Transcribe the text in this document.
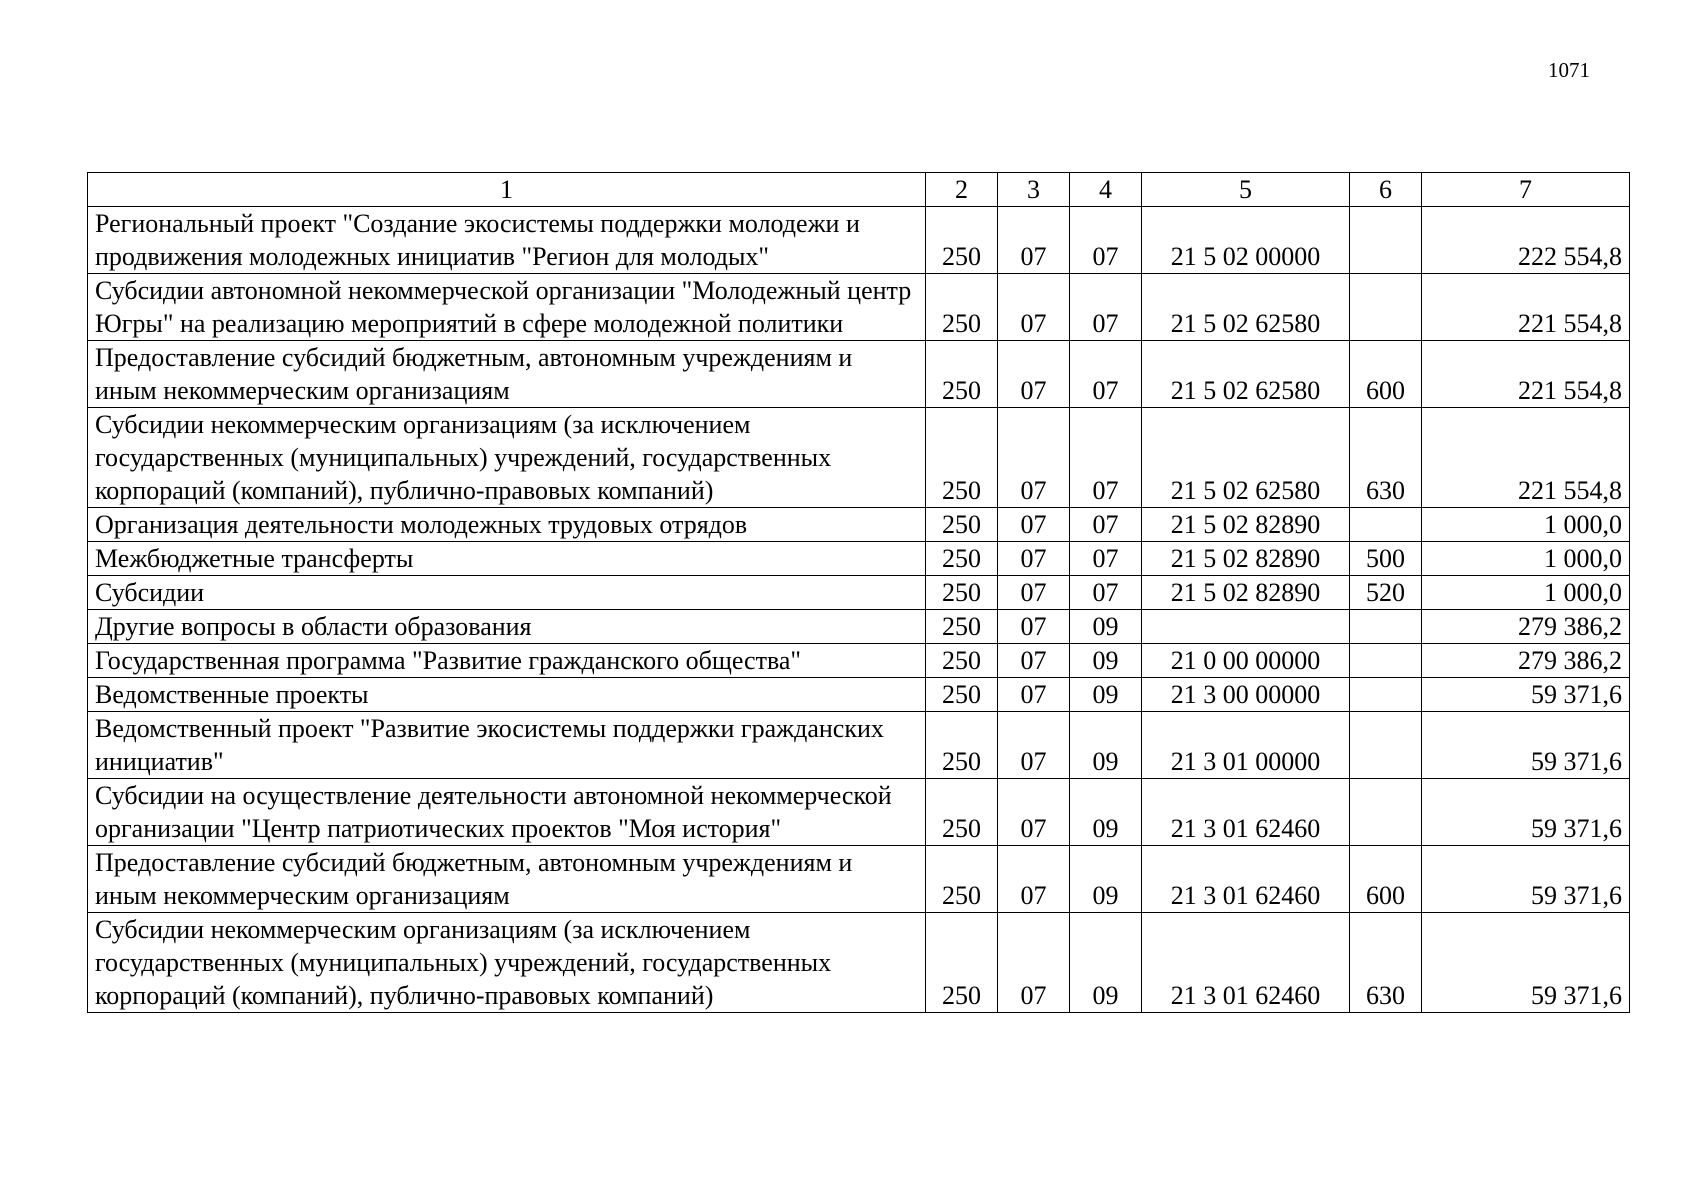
1071
1	2	3	4	5	6	7
Региональный проект "Создание экосистемы поддержки молодежи и продвижения молодежных инициатив "Регион для молодых"	250	07	07	21 5 02 00000		222 554,8
Субсидии автономной некоммерческой организации "Молодежный центр Югры" на реализацию мероприятий в сфере молодежной политики	250	07	07	21 5 02 62580		221 554,8
Предоставление субсидий бюджетным, автономным учреждениям и иным некоммерческим организациям	250	07	07	21 5 02 62580	600	221 554,8
Субсидии некоммерческим организациям (за исключением государственных (муниципальных) учреждений, государственных корпораций (компаний), публично-правовых компаний)	250	07	07	21 5 02 62580	630	221 554,8
Организация деятельности молодежных трудовых отрядов	250	07	07	21 5 02 82890		1 000,0
Межбюджетные трансферты	250	07	07	21 5 02 82890	500	1 000,0
Субсидии	250	07	07	21 5 02 82890	520	1 000,0
Другие вопросы в области образования	250	07	09			279 386,2
Государственная программа "Развитие гражданского общества"	250	07	09	21 0 00 00000		279 386,2
Ведомственные проекты	250	07	09	21 3 00 00000		59 371,6
Ведомственный проект "Развитие экосистемы поддержки гражданских инициатив"	250	07	09	21 3 01 00000		59 371,6
Субсидии на осуществление деятельности автономной некоммерческой организации "Центр патриотических проектов "Моя история"	250	07	09	21 3 01 62460		59 371,6
Предоставление субсидий бюджетным, автономным учреждениям и иным некоммерческим организациям	250	07	09	21 3 01 62460	600	59 371,6
Субсидии некоммерческим организациям (за исключением государственных (муниципальных) учреждений, государственных корпораций (компаний), публично-правовых компаний)	250	07	09	21 3 01 62460	630	59 371,6
